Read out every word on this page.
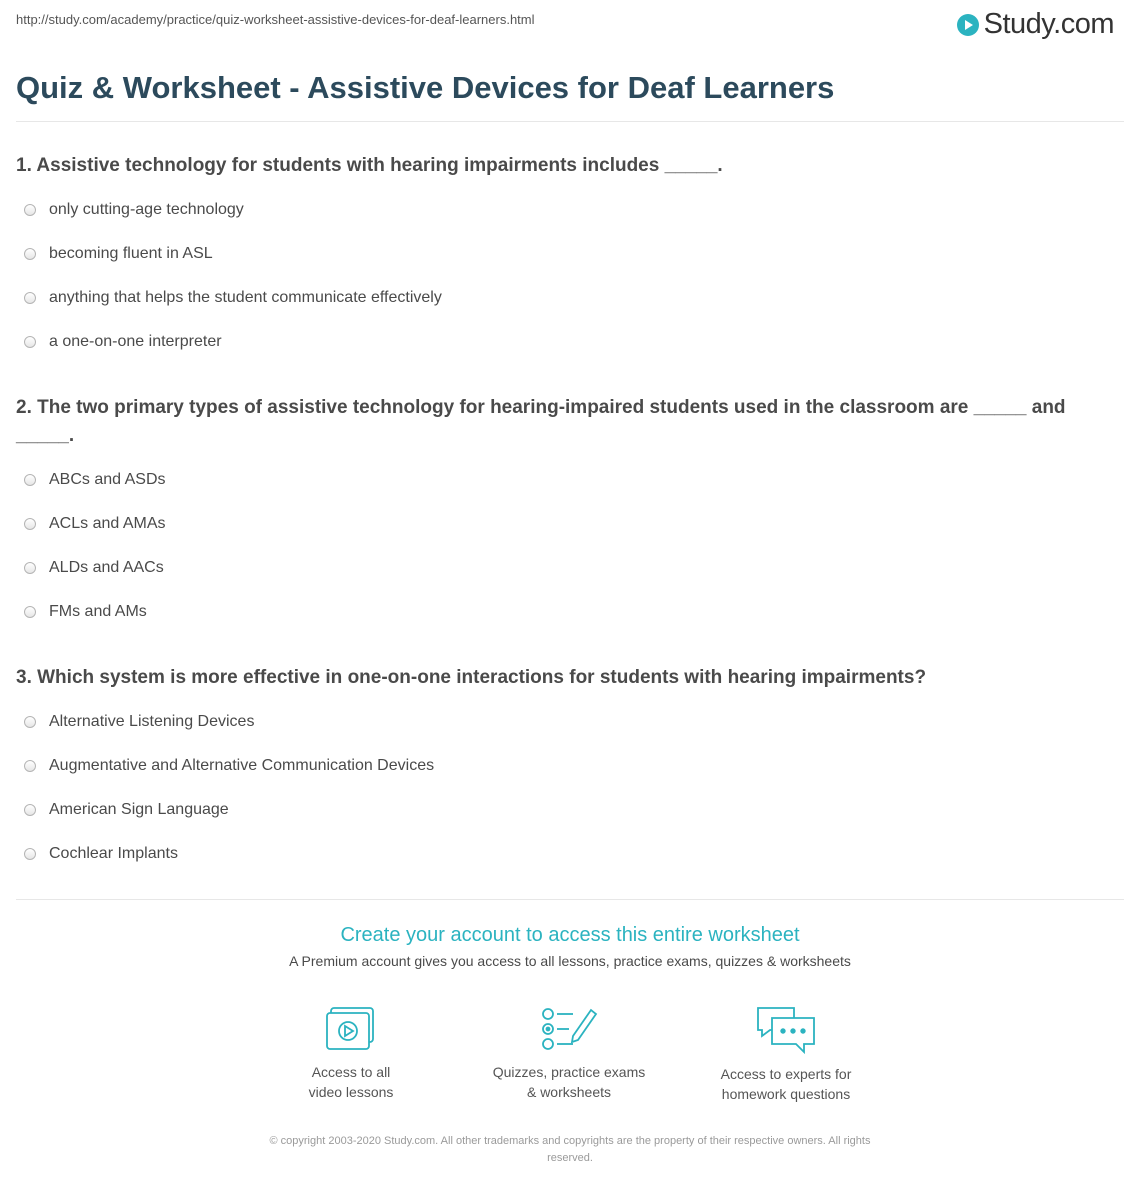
http://study.com/academy/practice/quiz-worksheet-assistive-devices-for-deaf-learners.html	Study.com
Quiz & Worksheet - Assistive Devices for Deaf Learners

1. Assistive technology for students with hearing impairments includes _____.

only cutting-age technology
becoming fluent in ASL
anything that helps the student communicate effectively
a one-on-one interpreter

2. The two primary types of assistive technology for hearing-impaired students used in the classroom are _____ and _____.

ABCs and ASDs
ACLs and AMAs
ALDs and AACs
FMs and AMs

3. Which system is more effective in one-on-one interactions for students with hearing impairments?

Alternative Listening Devices
Augmentative and Alternative Communication Devices
American Sign Language
Cochlear Implants
Create your account to access this entire worksheet
A Premium account gives you access to all lessons, practice exams, quizzes & worksheets
Access to all
video lessons
Quizzes, practice exams
& worksheets
Access to experts for
homework questions
© copyright 2003-2020 Study.com. All other trademarks and copyrights are the property of their respective owners. All rights
reserved.
